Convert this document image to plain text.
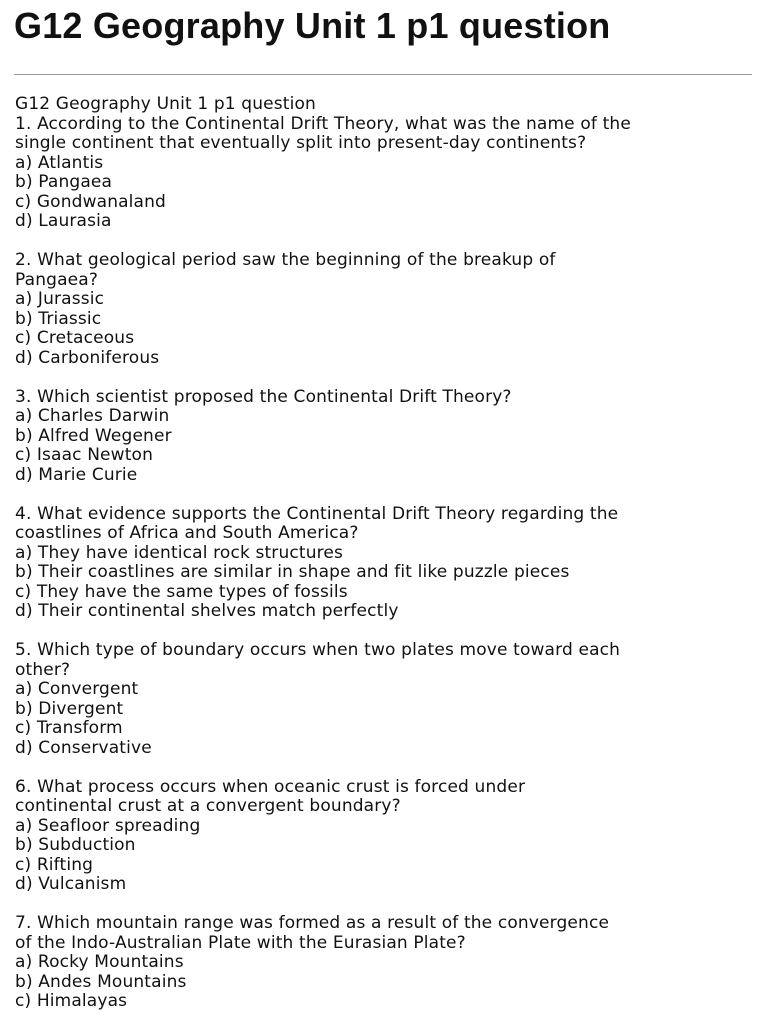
G12 Geography Unit 1 p1 question
G12 Geography Unit 1 p1 question
1. According to the Continental Drift Theory, what was the name of the
single continent that eventually split into present-day continents?
a) Atlantis
b) Pangaea
c) Gondwanaland
d) Laurasia
2. What geological period saw the beginning of the breakup of
Pangaea?
a) Jurassic
b) Triassic
c) Cretaceous
d) Carboniferous
3. Which scientist proposed the Continental Drift Theory?
a) Charles Darwin
b) Alfred Wegener
c) Isaac Newton
d) Marie Curie
4. What evidence supports the Continental Drift Theory regarding the
coastlines of Africa and South America?
a) They have identical rock structures
b) Their coastlines are similar in shape and fit like puzzle pieces
c) They have the same types of fossils
d) Their continental shelves match perfectly
5. Which type of boundary occurs when two plates move toward each
other?
a) Convergent
b) Divergent
c) Transform
d) Conservative
6. What process occurs when oceanic crust is forced under
continental crust at a convergent boundary?
a) Seafloor spreading
b) Subduction
c) Rifting
d) Vulcanism
7. Which mountain range was formed as a result of the convergence
of the Indo-Australian Plate with the Eurasian Plate?
a) Rocky Mountains
b) Andes Mountains
c) Himalayas
